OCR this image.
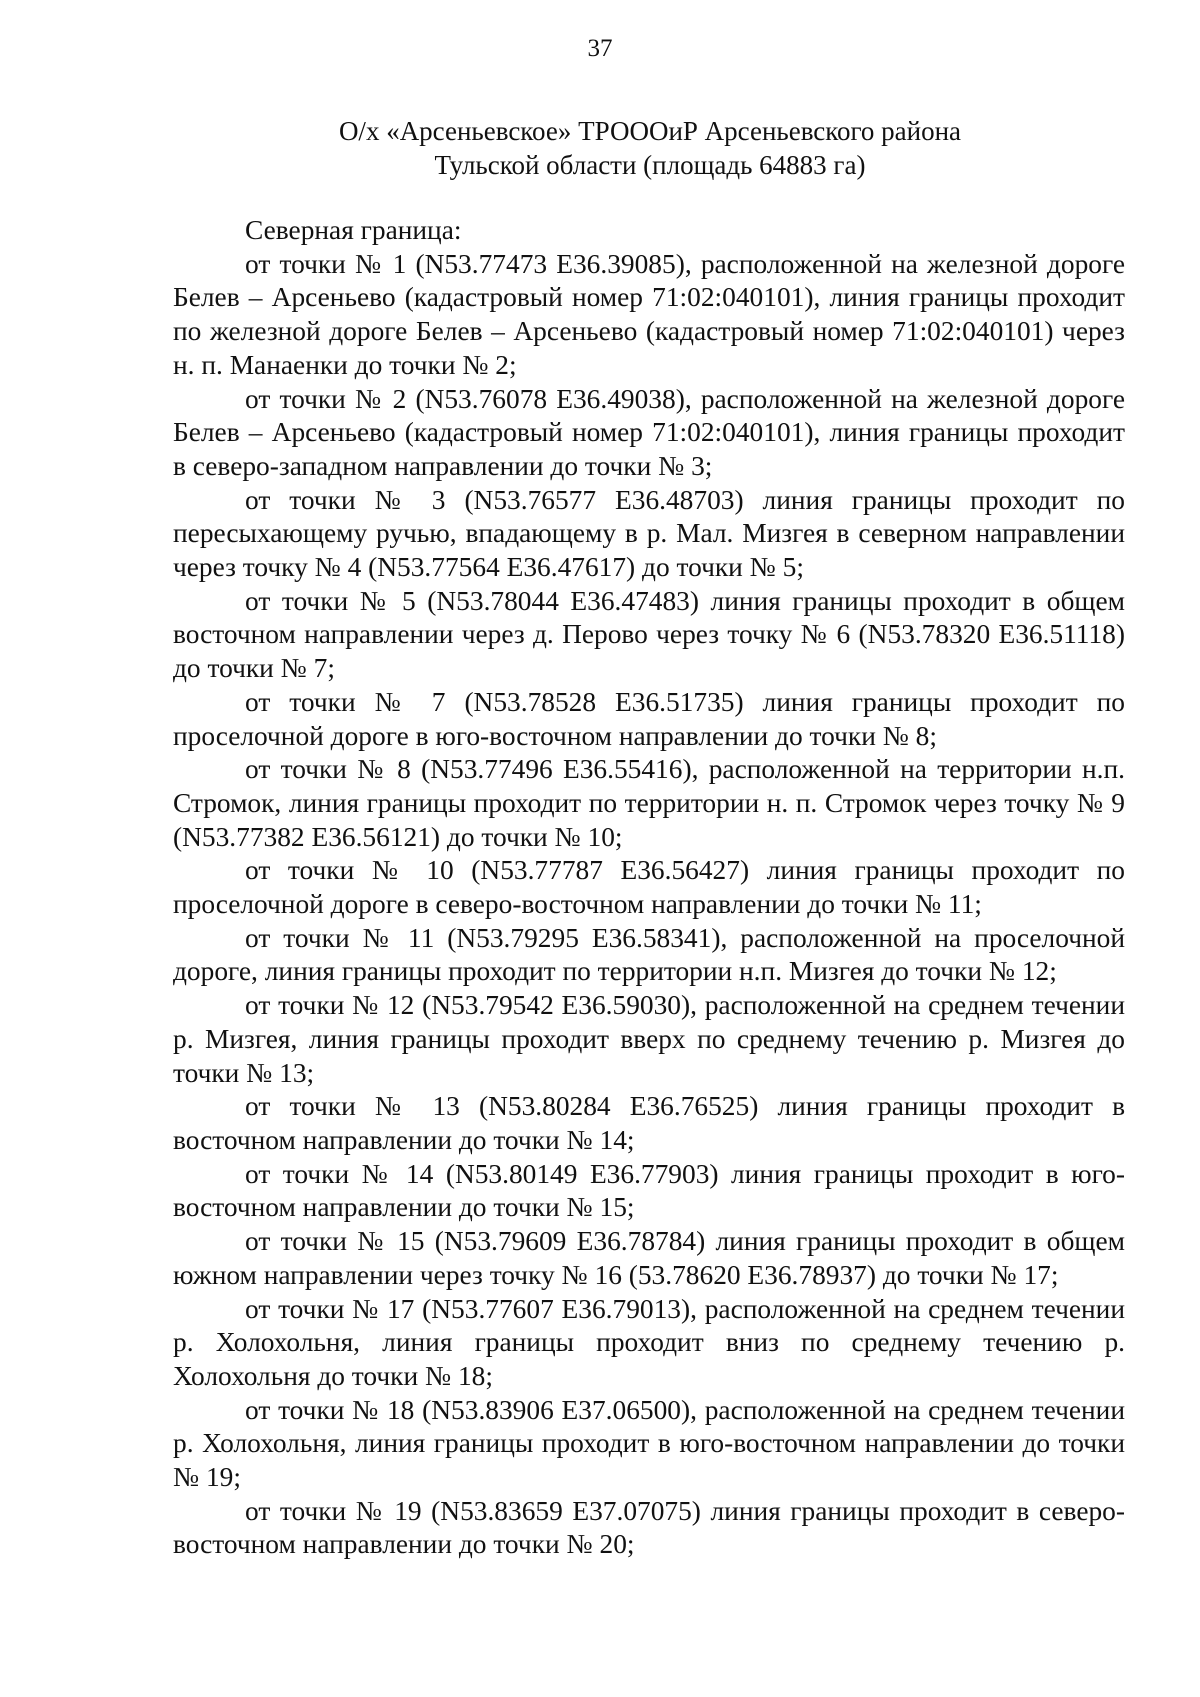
37
О/х «Арсеньевское» ТРОООиР Арсеньевского района
Тульской области (площадь 64883 га)

Северная граница:

от точки № 1 (N53.77473 E36.39085), расположенной на железной дороге Белев – Арсеньево (кадастровый номер 71:02:040101), линия границы проходит по железной дороге Белев – Арсеньево (кадастровый номер 71:02:040101) через н. п. Манаенки до точки № 2;

от точки № 2 (N53.76078 E36.49038), расположенной на железной дороге Белев – Арсеньево (кадастровый номер 71:02:040101), линия границы проходит в северо-западном направлении до точки № 3;

от точки № 3 (N53.76577 E36.48703) линия границы проходит по пересыхающему ручью, впадающему в р. Мал. Мизгея в северном направлении через точку № 4 (N53.77564 E36.47617) до точки № 5;

от точки № 5 (N53.78044 E36.47483) линия границы проходит в общем восточном направлении через д. Перово через точку № 6 (N53.78320 E36.51118) до точки № 7;

от точки № 7 (N53.78528 E36.51735) линия границы проходит по проселочной дороге в юго-восточном направлении до точки № 8;

от точки № 8 (N53.77496 E36.55416), расположенной на территории н.п. Стромок, линия границы проходит по территории н. п. Стромок через точку № 9 (N53.77382 E36.56121) до точки № 10;

от точки № 10 (N53.77787 E36.56427) линия границы проходит по проселочной дороге в северо-восточном направлении до точки № 11;

от точки № 11 (N53.79295 E36.58341), расположенной на проселочной дороге, линия границы проходит по территории н.п. Мизгея до точки № 12;

от точки № 12 (N53.79542 E36.59030), расположенной на среднем течении р. Мизгея, линия границы проходит вверх по среднему течению р. Мизгея до точки № 13;

от точки № 13 (N53.80284 E36.76525) линия границы проходит в восточном направлении до точки № 14;

от точки № 14 (N53.80149 E36.77903) линия границы проходит в юго-восточном направлении до точки № 15;

от точки № 15 (N53.79609 E36.78784) линия границы проходит в общем южном направлении через точку № 16 (53.78620 E36.78937) до точки № 17;

от точки № 17 (N53.77607 E36.79013), расположенной на среднем течении р. Холохольня, линия границы проходит вниз по среднему течению р. Холохольня до точки № 18;

от точки № 18 (N53.83906 E37.06500), расположенной на среднем течении р. Холохольня, линия границы проходит в юго-восточном направлении до точки № 19;

от точки № 19 (N53.83659 E37.07075) линия границы проходит в северо-восточном направлении до точки № 20;
